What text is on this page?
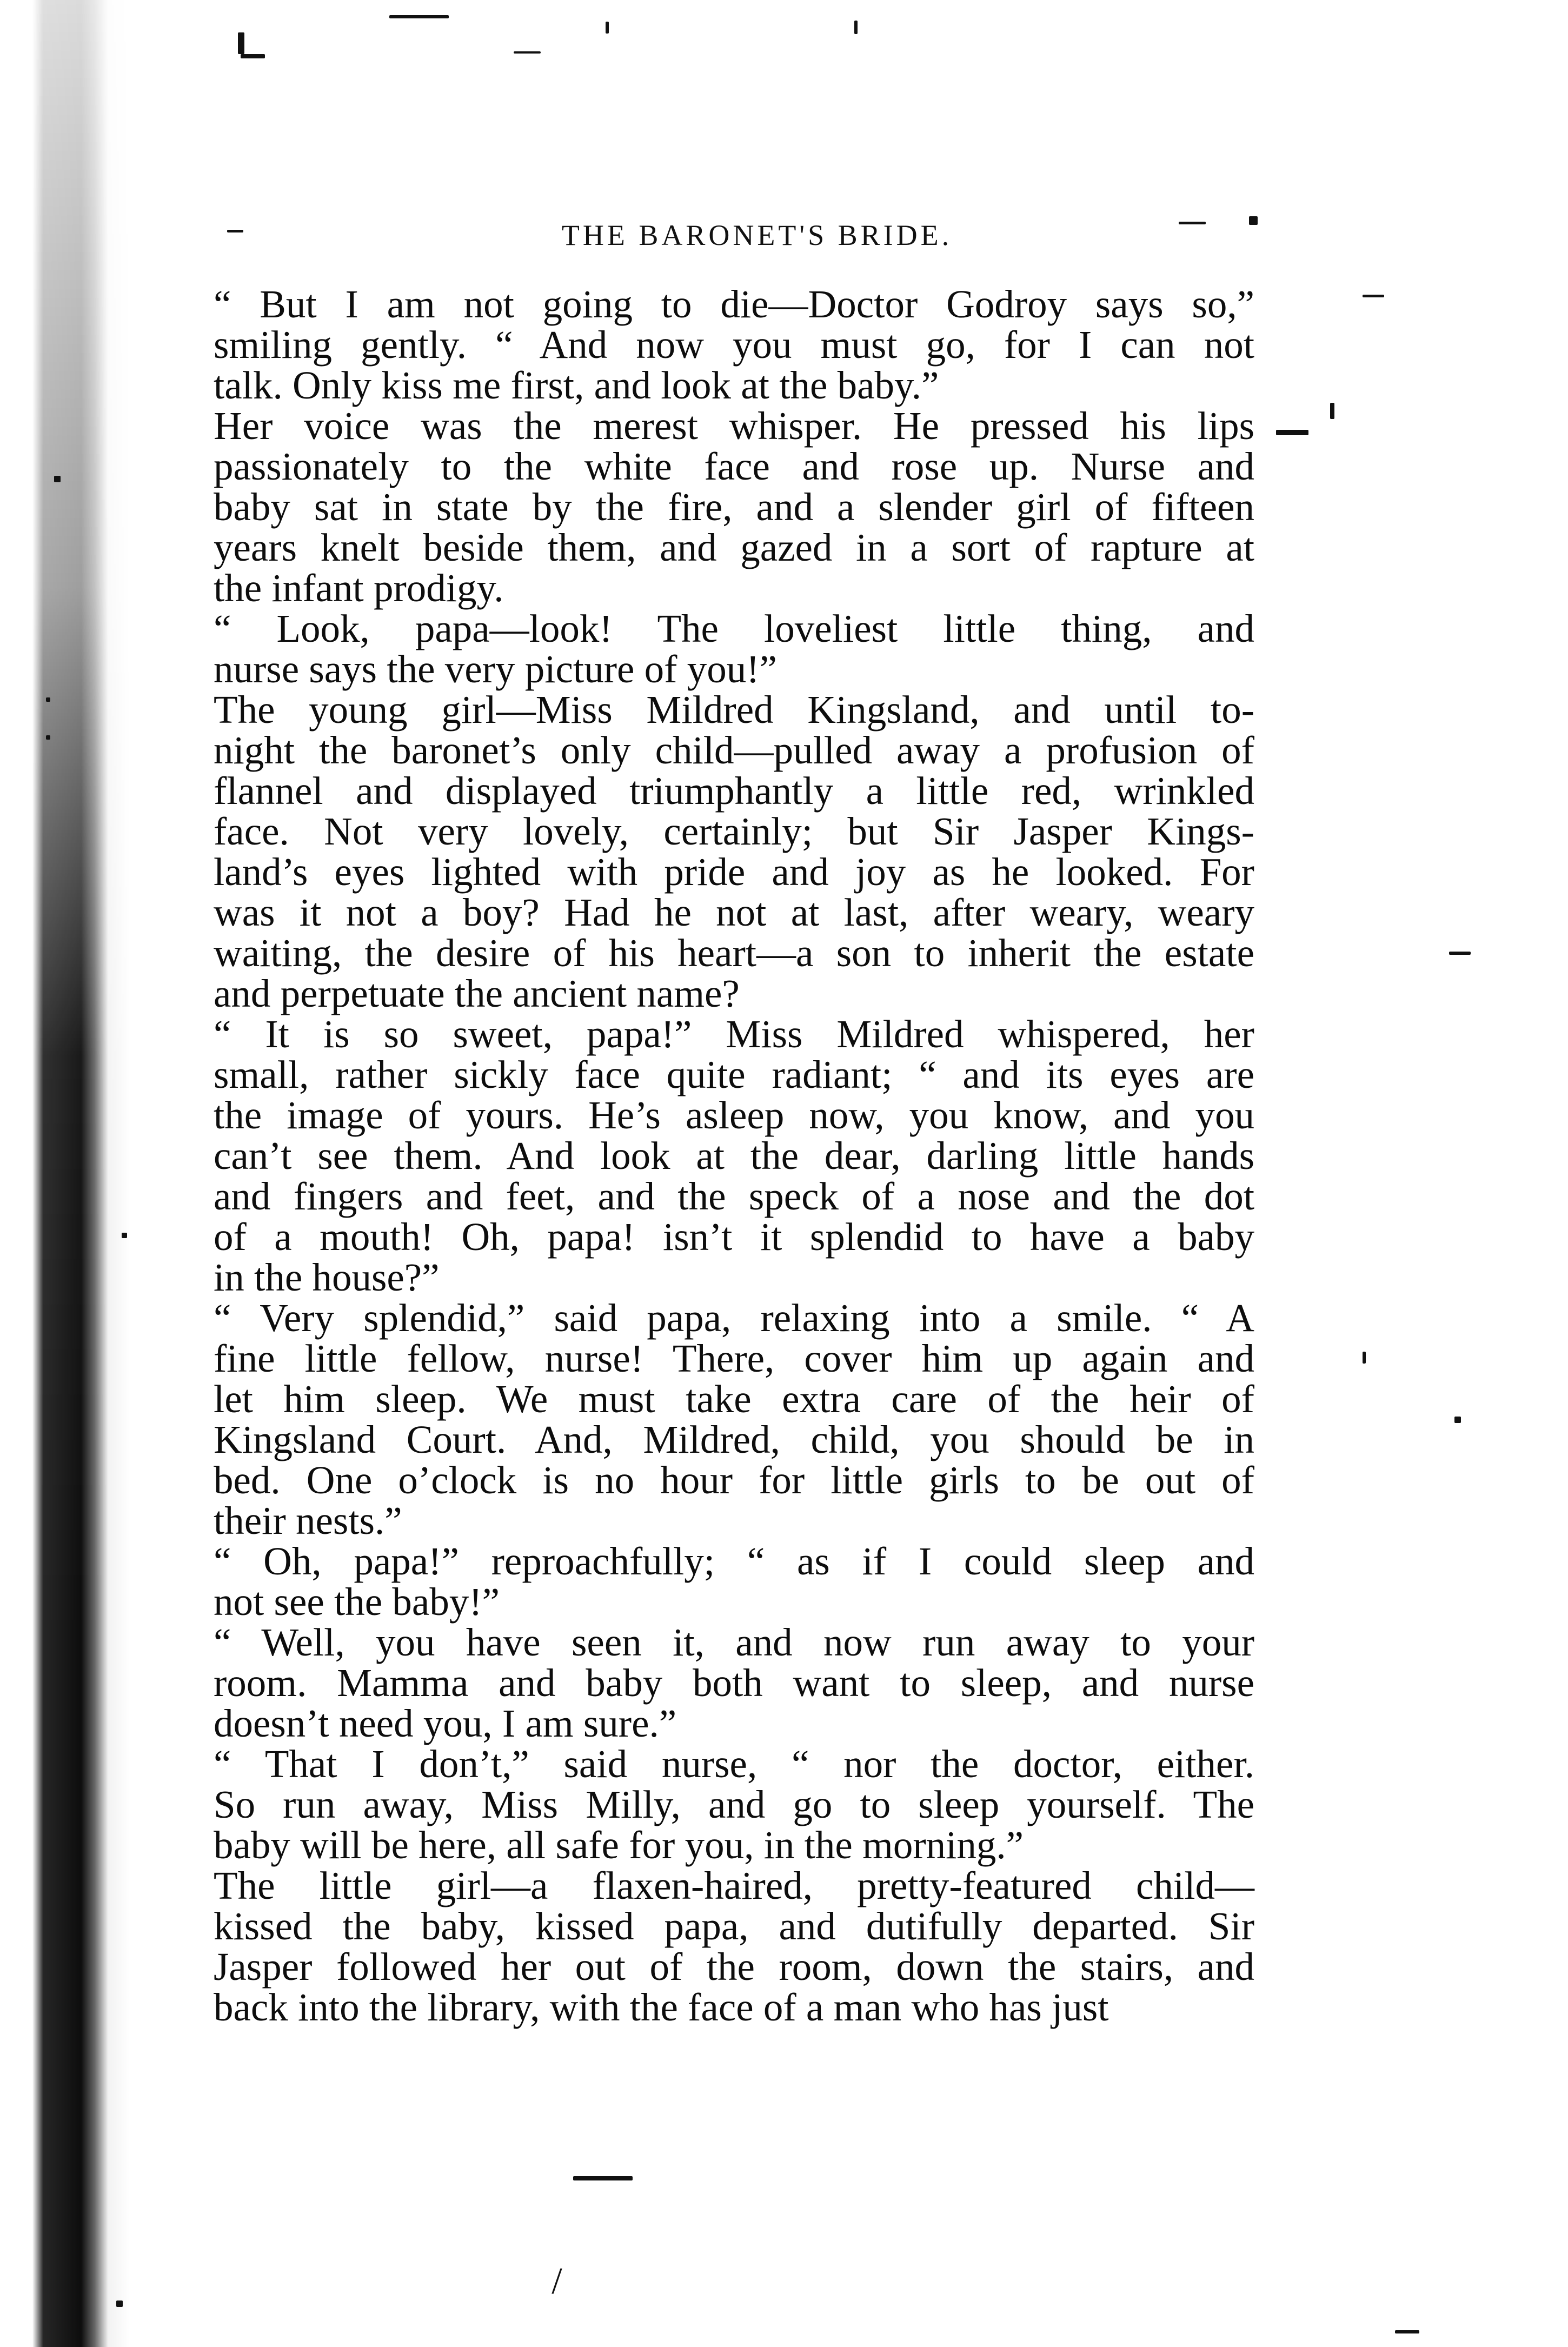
THE BARONET'S BRIDE.
“ But I am not going to die—Doctor Godroy says so,”
smiling gently. “ And now you must go, for I can not
talk. Only kiss me first, and look at the baby.”
Her voice was the merest whisper. He pressed his lips
passionately to the white face and rose up. Nurse and
baby sat in state by the fire, and a slender girl of fifteen
years knelt beside them, and gazed in a sort of rapture at
the infant prodigy.
“ Look, papa—look! The loveliest little thing, and
nurse says the very picture of you!”
The young girl—Miss Mildred Kingsland, and until to-
night the baronet’s only child—pulled away a profusion of
flannel and displayed triumphantly a little red, wrinkled
face. Not very lovely, certainly; but Sir Jasper Kings-
land’s eyes lighted with pride and joy as he looked. For
was it not a boy? Had he not at last, after weary, weary
waiting, the desire of his heart—a son to inherit the estate
and perpetuate the ancient name?
“ It is so sweet, papa!” Miss Mildred whispered, her
small, rather sickly face quite radiant; “ and its eyes are
the image of yours. He’s asleep now, you know, and you
can’t see them. And look at the dear, darling little hands
and fingers and feet, and the speck of a nose and the dot
of a mouth! Oh, papa! isn’t it splendid to have a baby
in the house?”
“ Very splendid,” said papa, relaxing into a smile. “ A
fine little fellow, nurse! There, cover him up again and
let him sleep. We must take extra care of the heir of
Kingsland Court. And, Mildred, child, you should be in
bed. One o’clock is no hour for little girls to be out of
their nests.”
“ Oh, papa!” reproachfully; “ as if I could sleep and
not see the baby!”
“ Well, you have seen it, and now run away to your
room. Mamma and baby both want to sleep, and nurse
doesn’t need you, I am sure.”
“ That I don’t,” said nurse, “ nor the doctor, either.
So run away, Miss Milly, and go to sleep yourself. The
baby will be here, all safe for you, in the morning.”
The little girl—a flaxen-haired, pretty-featured child—
kissed the baby, kissed papa, and dutifully departed. Sir
Jasper followed her out of the room, down the stairs, and
back into the library, with the face of a man who has just
/
